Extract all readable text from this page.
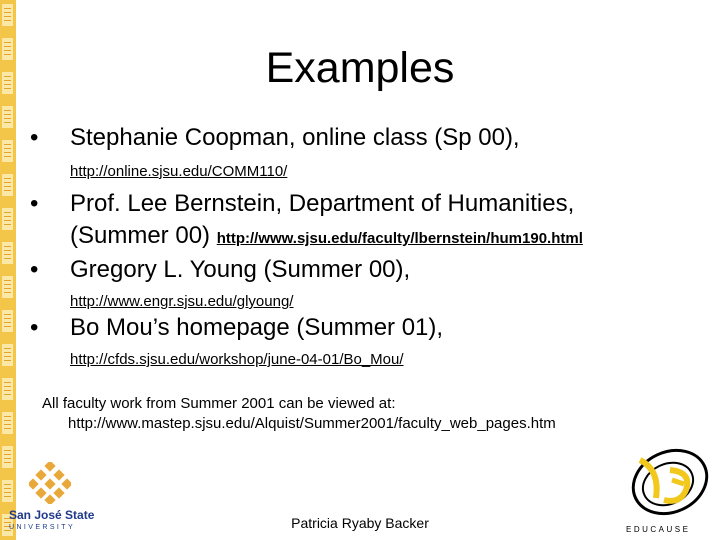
Examples
• Stephanie Coopman, online class (Sp 00),
http://online.sjsu.edu/COMM110/
• Prof. Lee Bernstein, Department of Humanities,
(Summer 00) http://www.sjsu.edu/faculty/lbernstein/hum190.html
• Gregory L. Young (Summer 00),
http://www.engr.sjsu.edu/glyoung/
• Bo Mou’s homepage (Summer 01),
http://cfds.sjsu.edu/workshop/june-04-01/Bo_Mou/
All faculty work from Summer 2001 can be viewed at:
http://www.mastep.sjsu.edu/Alquist/Summer2001/faculty_web_pages.htm
San José State
UNIVERSITY	EDUCAUSE
Patricia Ryaby Backer
